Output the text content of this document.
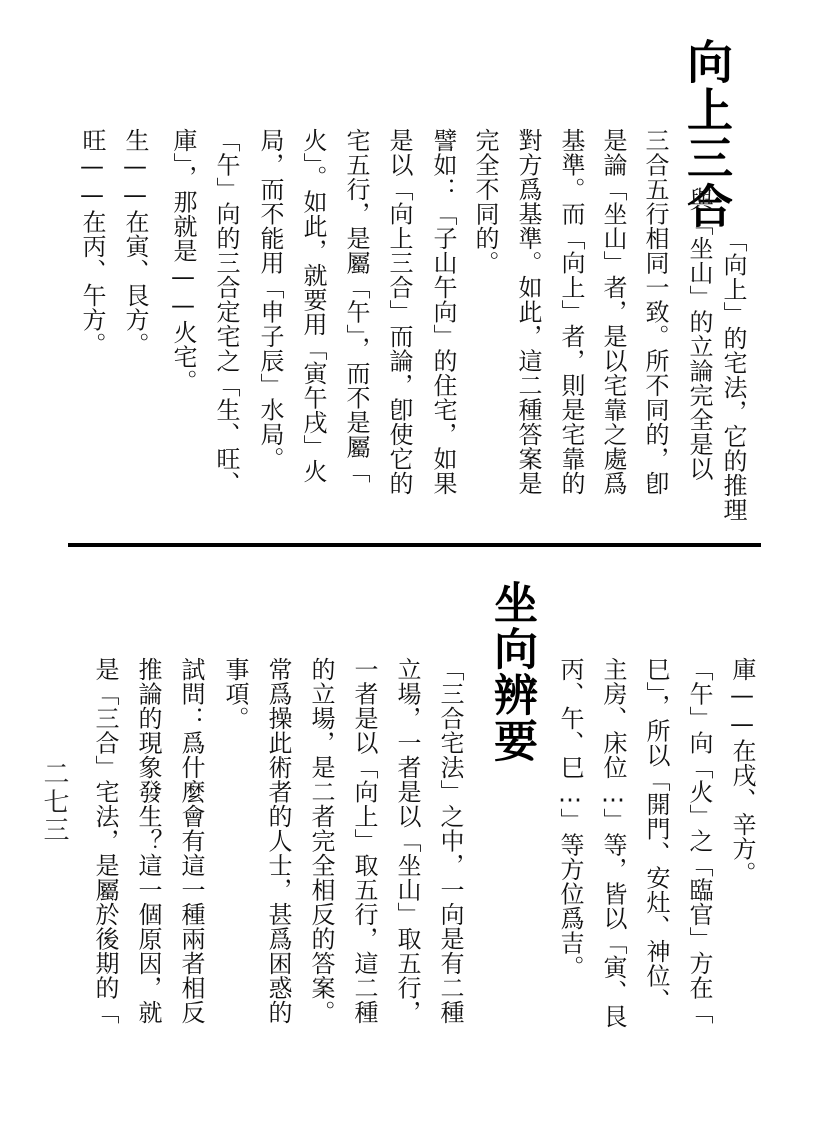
向上三合

「向上」的宅法，它的推理

與「坐山」的立論完全是以

三合五行相同一致。所不同的，卽

是論「坐山」者，是以宅靠之處爲

基準。而「向上」者，則是宅靠的

對方爲基準。如此，這二種答案是

完全不同的。

譬如：「子山午向」的住宅，如果

是以「向上三合」而論，卽使它的

宅五行，是屬「午」，而不是屬「

火」。如此，就要用「寅午戌」火

局，而不能用「申子辰」水局。

「午」向的三合定宅之「生、旺、

庫」，那就是——火宅。

生——在寅、艮方。

旺——在丙、午方。

坐向辨要	庫——在戌、辛方。

「午」向「火」之「臨官」方在「

巳」，所以「開門、安灶、神位、

主房、床位…」等，皆以「寅、艮

丙、午、巳…」等方位爲吉。

「三合宅法」之中，一向是有二種

立場，一者是以「坐山」取五行，

一者是以「向上」取五行，這二種

的立場，是二者完全相反的答案。

常爲操此術者的人士，甚爲困惑的

事項。

試問：爲什麼會有這一種兩者相反

推論的現象發生？這一個原因，就

是「三合」宅法，是屬於後期的「

二七三
